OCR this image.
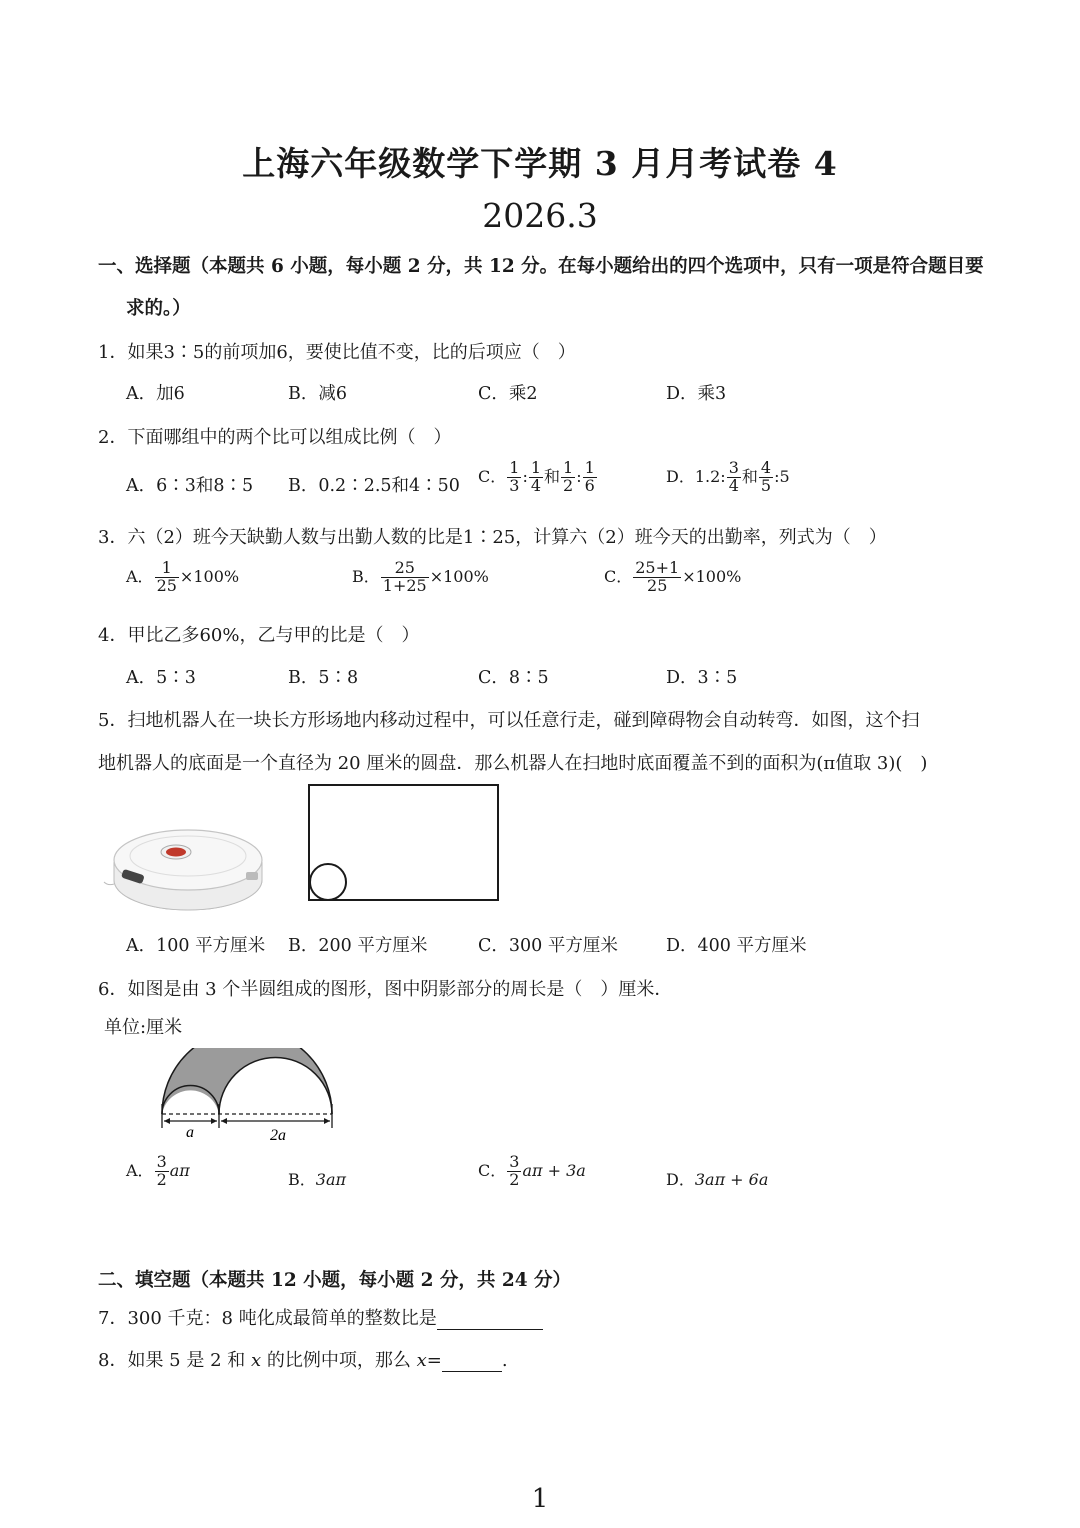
上海六年级数学下学期 3 月月考试卷 4
2026.3
一、选择题（本题共 6 小题，每小题 2 分，共 12 分。在每小题给出的四个选项中，只有一项是符合题目要
求的。）
1．如果3∶5的前项加6，要使比值不变，比的后项应（　）
A．加6	B．减6	C．乘2	D．乘3
2．下面哪组中的两个比可以组成比例（　）
A．6∶3和8∶5 B．0.2∶2.5和4∶50 C． $\frac{1}{3}$ : $\frac{1}{4}$ 和 $\frac{1}{2}$ : $\frac{1}{6}$	D．1.2: $\frac{3}{4}$ 和 $\frac{4}{5}$ :5
3．六（2）班今天缺勤人数与出勤人数的比是1∶25，计算六（2）班今天的出勤率，列式为（　）
A． $\frac{1}{25} \times 100\%$	B． $\frac{25}{1+25} \times 100\%$	C． $\frac{25+1}{25} \times 100\%$
4．甲比乙多60%，乙与甲的比是（　）
A．5∶3	B．5∶8	C．8∶5	D．3∶5
5．扫地机器人在一块长方形场地内移动过程中，可以任意行走，碰到障碍物会自动转弯．如图，这个扫
地机器人的底面是一个直径为 20 厘米的圆盘．那么机器人在扫地时底面覆盖不到的面积为(π值取 3)(　)
A．100 平方厘米 B．200 平方厘米	C．300 平方厘米	D．400 平方厘米
6．如图是由 3 个半圆组成的图形，图中阴影部分的周长是（　）厘米．
单位:厘米
a	2a
A． $\frac{3}{2}$ aπ	B．3aπ	C． $\frac{3}{2}$ aπ + 3a	D．3aπ + 6a
二、填空题（本题共 12 小题，每小题 2 分，共 24 分）
7．300 千克：8 吨化成最简单的整数比是
8．如果 5 是 2 和 x 的比例中项，那么 x=	.
1
